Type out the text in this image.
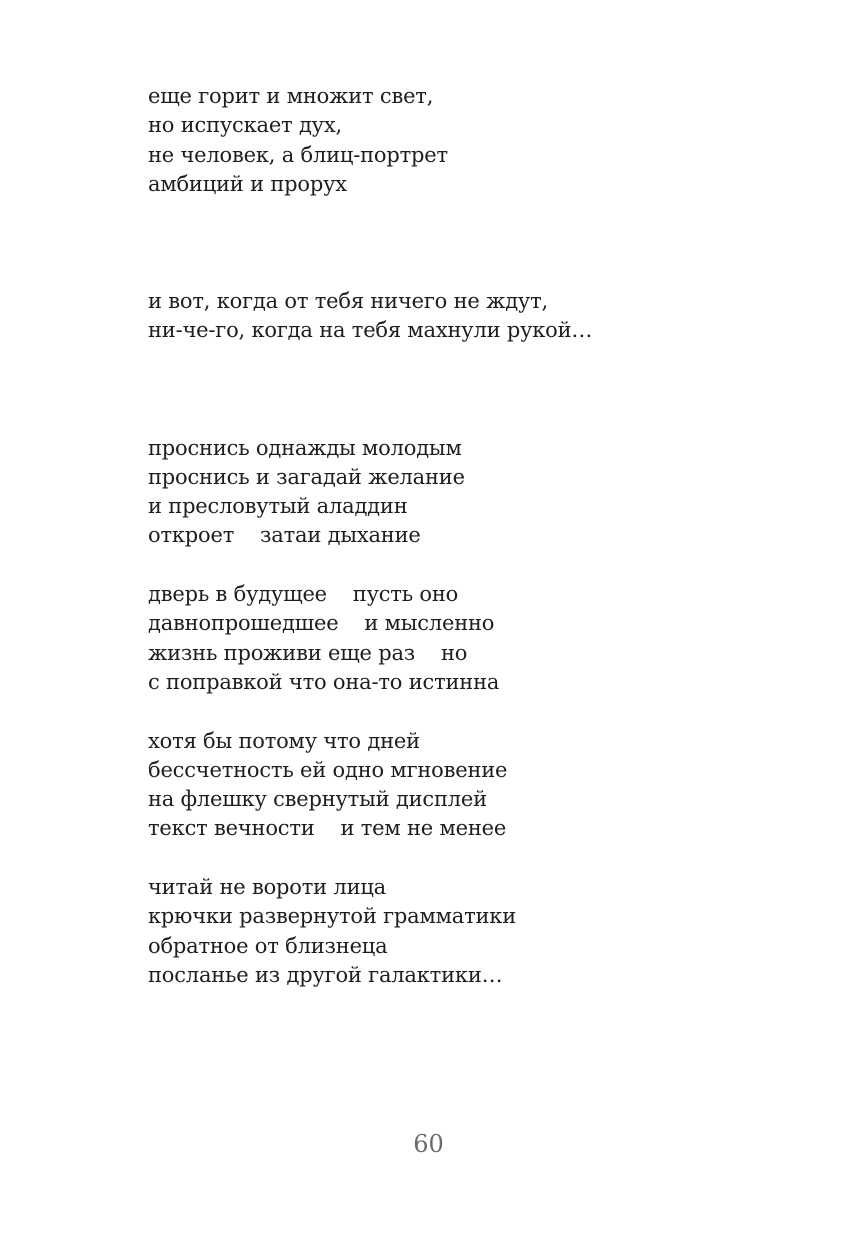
еще горит и множит свет,
но испускает дух,
не человек, а блиц-портрет
амбиций и прорух
и вот, когда от тебя ничего не ждут,
ни-че-го, когда на тебя махнули рукой…
проснись однажды молодым
проснись и загадай желание
и пресловутый аладдин
откроет    затаи дыхание
дверь в будущее    пусть оно
давнопрошедшее    и мысленно
жизнь проживи еще раз    но
с поправкой что она-то истинна
хотя бы потому что дней
бессчетность ей одно мгновение
на флешку свернутый дисплей
текст вечности    и тем не менее
читай не вороти лица
крючки развернутой грамматики
обратное от близнеца
посланье из другой галактики…
60
